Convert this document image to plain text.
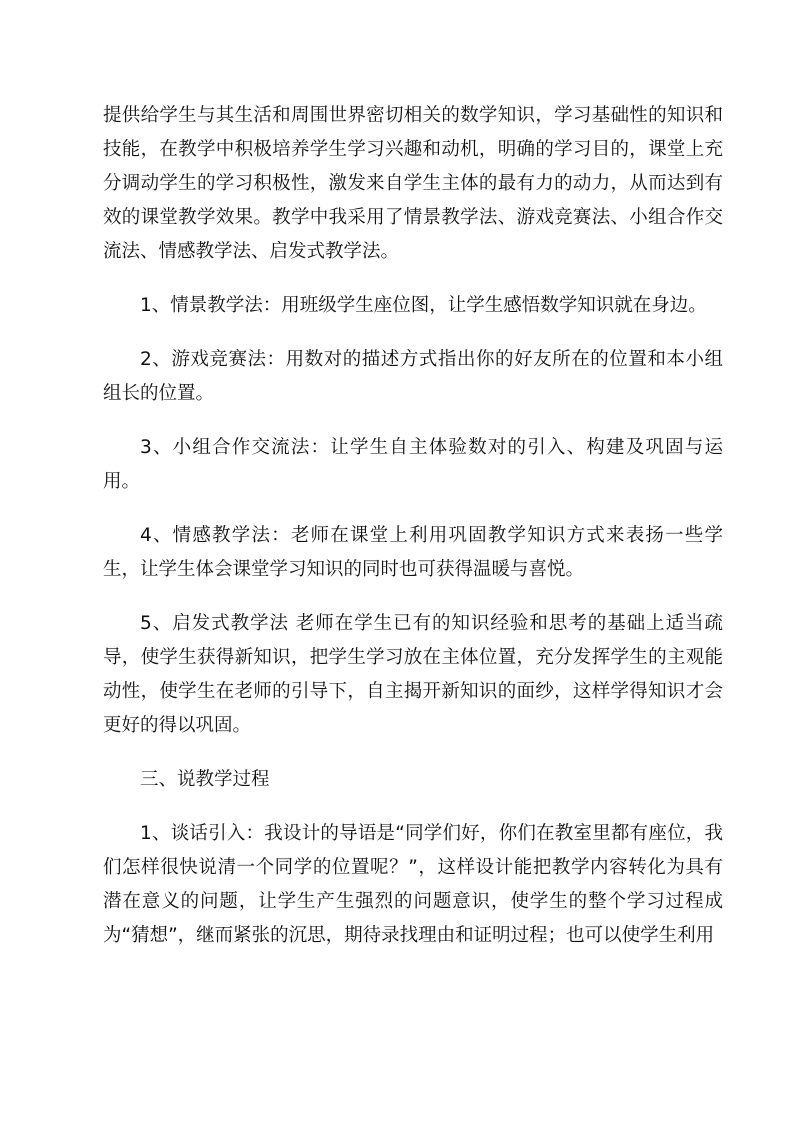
提供给学生与其生活和周围世界密切相关的数学知识，学习基础性的知识和技能，在教学中积极培养学生学习兴趣和动机，明确的学习目的，课堂上充分调动学生的学习积极性，激发来自学生主体的最有力的动力，从而达到有效的课堂教学效果。教学中我采用了情景教学法、游戏竞赛法、小组合作交流法、情感教学法、启发式教学法。

1、情景教学法：用班级学生座位图，让学生感悟数学知识就在身边。

2、游戏竞赛法：用数对的描述方式指出你的好友所在的位置和本小组组长的位置。

3、小组合作交流法：让学生自主体验数对的引入、构建及巩固与运用。

4、情感教学法：老师在课堂上利用巩固教学知识方式来表扬一些学生，让学生体会课堂学习知识的同时也可获得温暖与喜悦。

5、启发式教学法 老师在学生已有的知识经验和思考的基础上适当疏导，使学生获得新知识，把学生学习放在主体位置，充分发挥学生的主观能动性，使学生在老师的引导下，自主揭开新知识的面纱，这样学得知识才会更好的得以巩固。

三、说教学过程

1、谈话引入：我设计的导语是“同学们好，你们在教室里都有座位，我们怎样很快说清一个同学的位置呢？”，这样设计能把教学内容转化为具有潜在意义的问题，让学生产生强烈的问题意识，使学生的整个学习过程成为“猜想”，继而紧张的沉思，期待录找理由和证明过程；也可以使学生利用
